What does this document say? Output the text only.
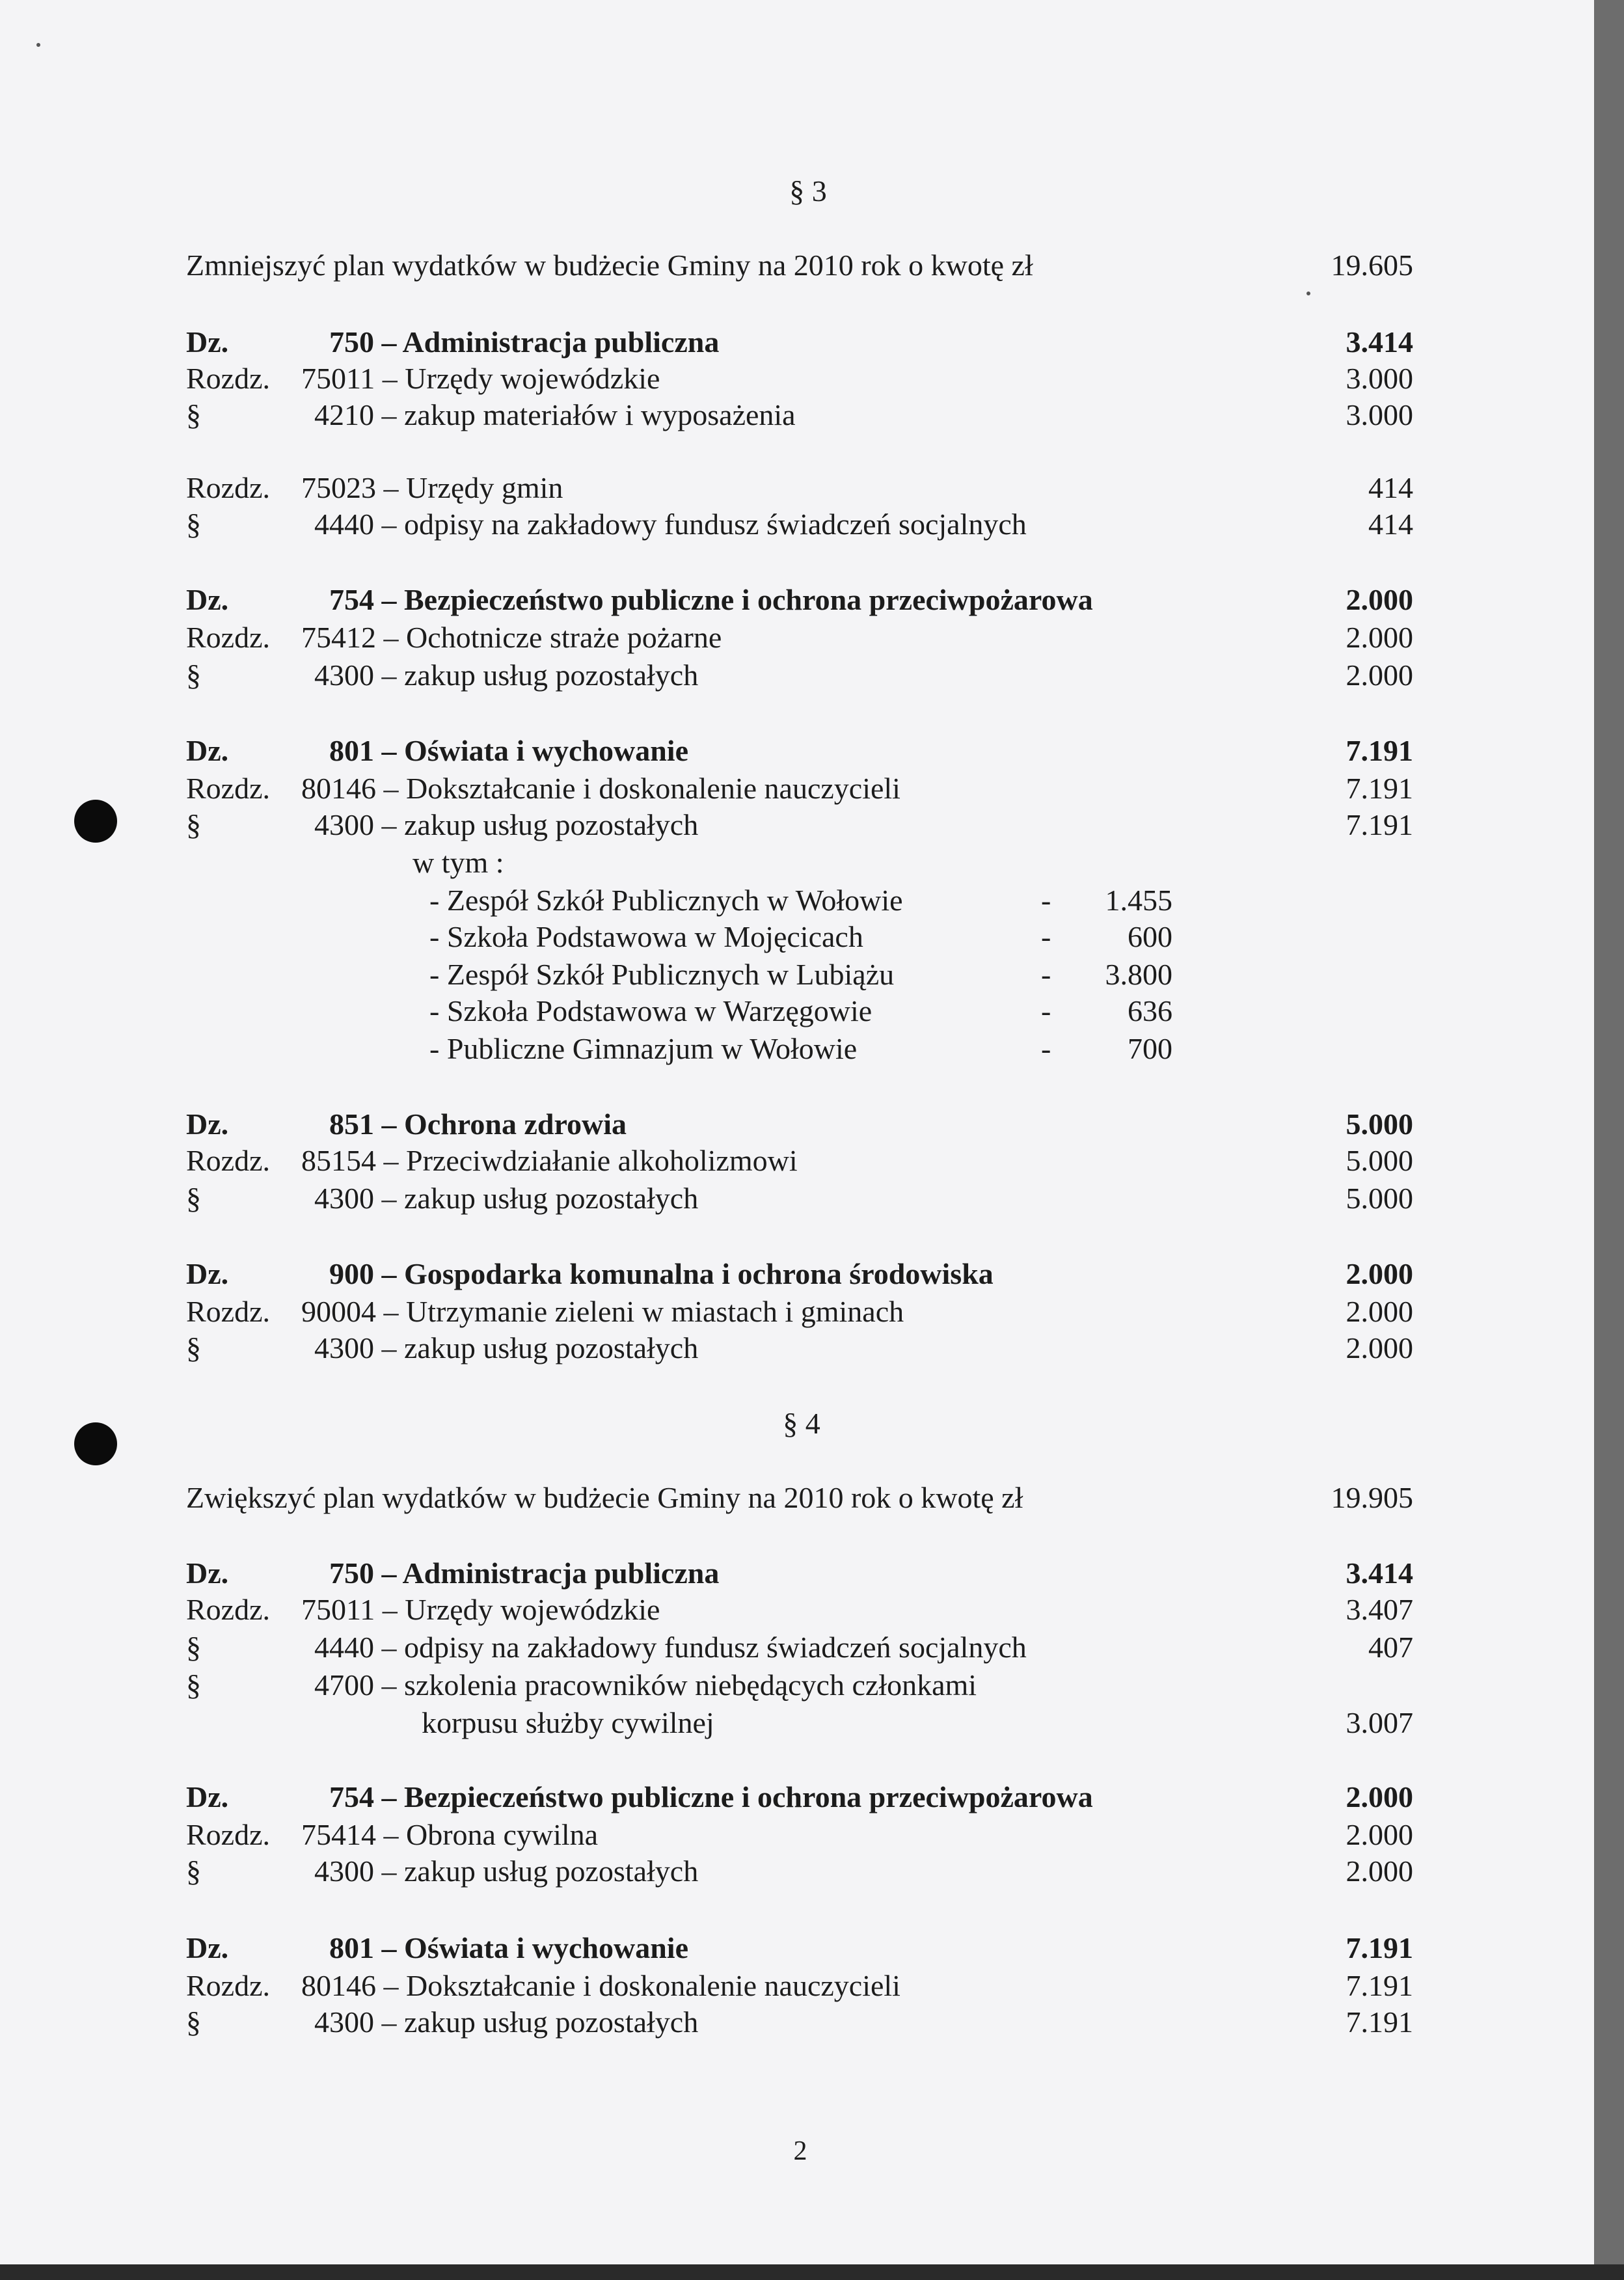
§ 3
Zmniejszyć plan wydatków w budżecie Gminy na 2010 rok o kwotę zł	19.605
Dz.	750 – Administracja publiczna	3.414
Rozdz. 75011 – Urzędy wojewódzkie	3.000
§	4210 – zakup materiałów i wyposażenia	3.000
Rozdz. 75023 – Urzędy gmin	414
§	4440 – odpisy na zakładowy fundusz świadczeń socjalnych	414
Dz.	754 – Bezpieczeństwo publiczne i ochrona przeciwpożarowa	2.000
Rozdz. 75412 – Ochotnicze straże pożarne	2.000
§	4300 – zakup usług pozostałych	2.000
Dz.	801 – Oświata i wychowanie	7.191
Rozdz. 80146 – Dokształcanie i doskonalenie nauczycieli	7.191
§	4300 – zakup usług pozostałych	7.191
w tym :
- Zespół Szkół Publicznych w Wołowie	-	1.455
- Szkoła Podstawowa w Mojęcicach	-	600
- Zespół Szkół Publicznych w Lubiążu	-	3.800
- Szkoła Podstawowa w Warzęgowie	-	636
- Publiczne Gimnazjum w Wołowie	-	700
Dz.	851 – Ochrona zdrowia	5.000
Rozdz. 85154 – Przeciwdziałanie alkoholizmowi	5.000
§	4300 – zakup usług pozostałych	5.000
Dz.	900 – Gospodarka komunalna i ochrona środowiska	2.000
Rozdz. 90004 – Utrzymanie zieleni w miastach i gminach	2.000
§	4300 – zakup usług pozostałych	2.000
§ 4
Zwiększyć plan wydatków w budżecie Gminy na 2010 rok o kwotę zł	19.905
Dz.	750 – Administracja publiczna	3.414
Rozdz. 75011 – Urzędy wojewódzkie	3.407
§	4440 – odpisy na zakładowy fundusz świadczeń socjalnych	407
§	4700 – szkolenia pracowników niebędących członkami
korpusu służby cywilnej	3.007
Dz.	754 – Bezpieczeństwo publiczne i ochrona przeciwpożarowa	2.000
Rozdz. 75414 – Obrona cywilna	2.000
§	4300 – zakup usług pozostałych	2.000
Dz.	801 – Oświata i wychowanie	7.191
Rozdz. 80146 – Dokształcanie i doskonalenie nauczycieli	7.191
§	4300 – zakup usług pozostałych	7.191
2
